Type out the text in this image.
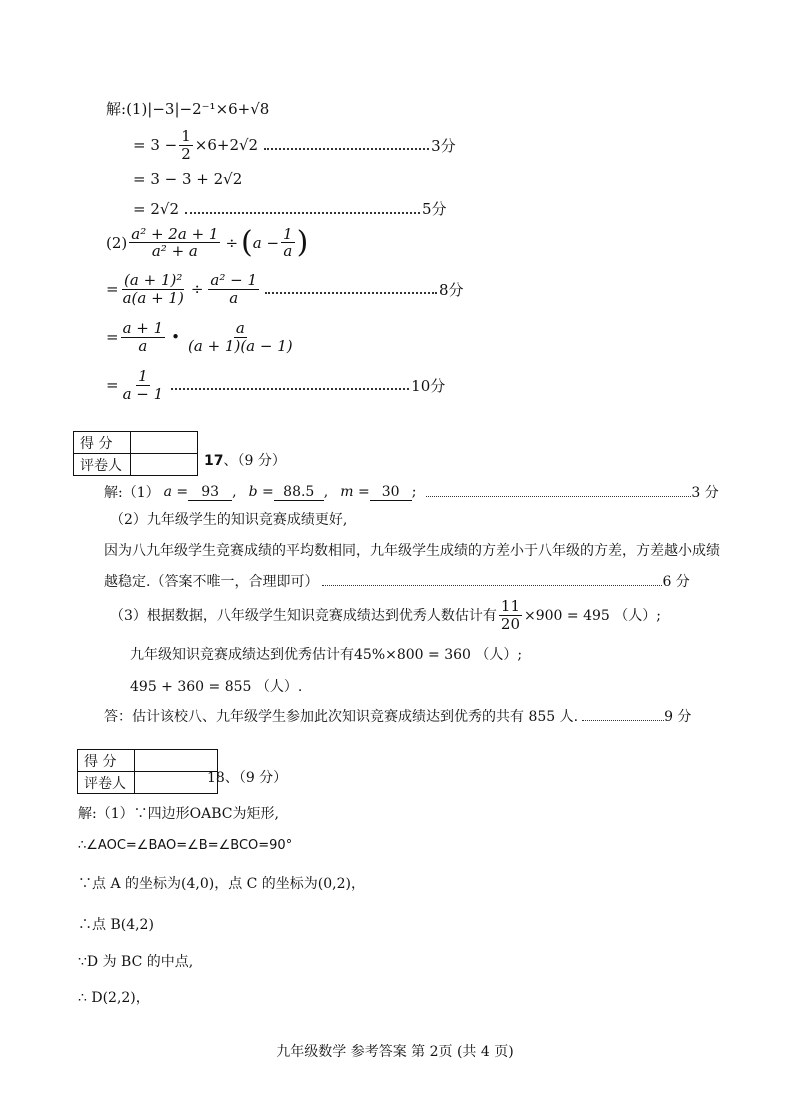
解:(1)|−3|−2⁻¹×6+√8
= $3 - \frac{1}{2} \times 6+2√2$	3分
= 3 − 3 + 2√2
= 2√2	5分
$(2) \frac{\text{a² + 2a + 1}}{\text{a² + a}}$ ÷ ( $a - \frac{1}{a}$ )
= $\frac{\text{(a + 1)²}}{a(a + 1)} \div \frac{\text{a² − 1}}{a}$	8分
= $\frac{a + 1}{a}$ • $\frac{a}{(a + 1)(a - 1)}$
= $\frac{1}{a - 1}$	10分
得 分	
评卷人		17、（9 分）
解:（1） a = 93 , b = 88.5 , m = 30 ;	3 分
（2）九年级学生的知识竞赛成绩更好,
因为八九年级学生竞赛成绩的平均数相同，九年级学生成绩的方差小于八年级的方差，方差越小成绩
越稳定.（答案不唯一，合理即可）	6 分
（3）根据数据，八年级学生知识竞赛成绩达到优秀人数估计有 $\frac{11}{20} \times 900 = 495$ （人）;
九年级知识竞赛成绩达到优秀估计有45%×800 = 360 （人）;
495 + 360 = 855 （人）.
答：估计该校八、九年级学生参加此次知识竞赛成绩达到优秀的共有 855 人.	9 分
得 分	
评卷人		18、（9 分）
解:（1）∵四边形OABC为矩形,
∴∠AOC=∠BAO=∠B=∠BCO=90°
∵点 A 的坐标为(4,0)，点 C 的坐标为(0,2)，
∴点 B(4,2)
∵D 为 BC 的中点,
∴ D(2,2)，
九年级数学 参考答案 第 2页 (共 4 页)
